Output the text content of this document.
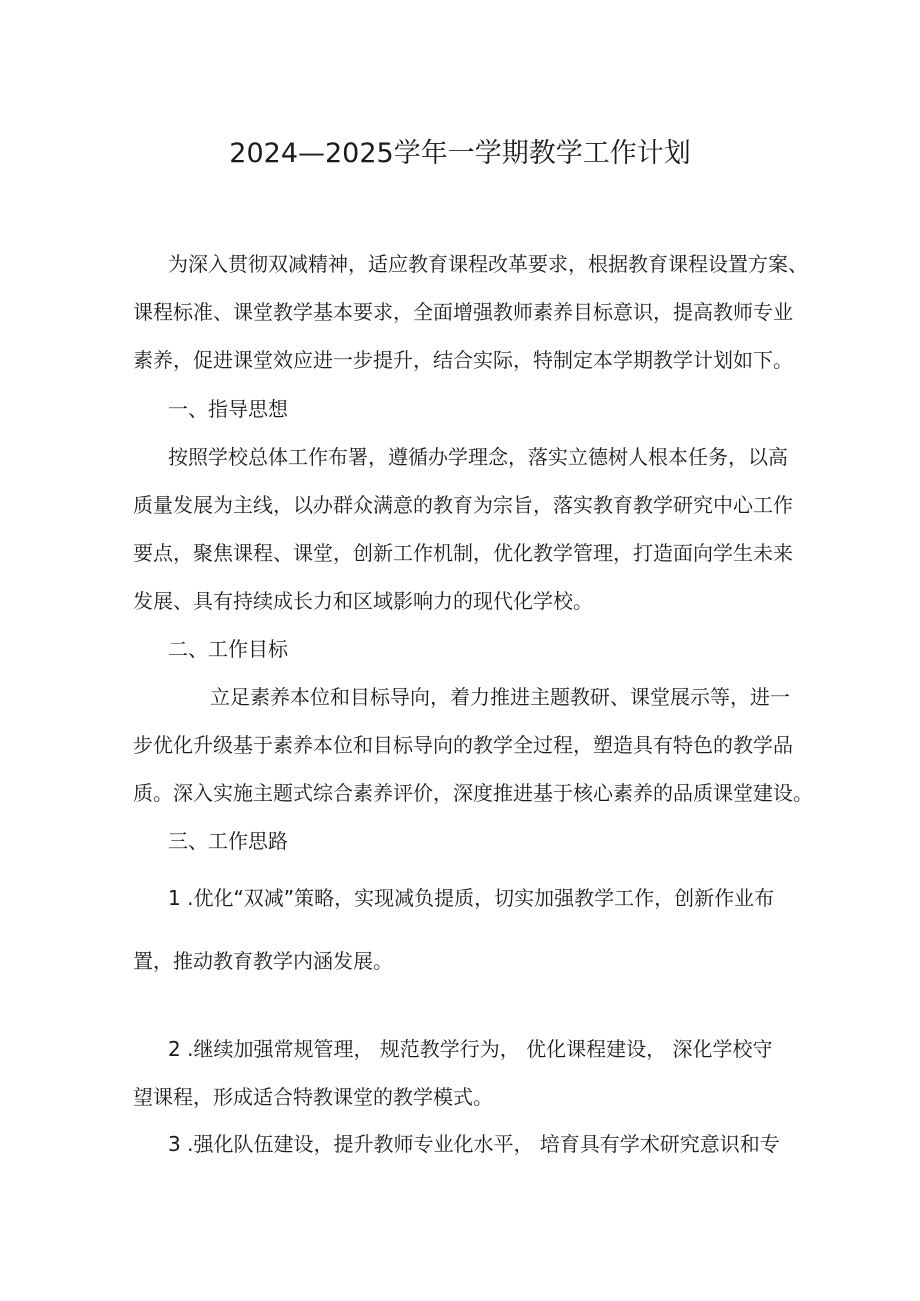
2024—2025学年一学期教学工作计划
为深入贯彻双减精神，适应教育课程改革要求，根据教育课程设置方案、
课程标准、课堂教学基本要求，全面增强教师素养目标意识，提高教师专业
素养，促进课堂效应进一步提升，结合实际，特制定本学期教学计划如下。
一、指导思想
按照学校总体工作布署，遵循办学理念，落实立德树人根本任务，以高
质量发展为主线，以办群众满意的教育为宗旨，落实教育教学研究中心工作
要点，聚焦课程、课堂，创新工作机制，优化教学管理，打造面向学生未来
发展、具有持续成长力和区域影响力的现代化学校。
二、工作目标
立足素养本位和目标导向，着力推进主题教研、课堂展示等，进一
步优化升级基于素养本位和目标导向的教学全过程，塑造具有特色的教学品
质。深入实施主题式综合素养评价，深度推进基于核心素养的品质课堂建设。
三、工作思路
1 .优化“双减”策略，实现减负提质，切实加强教学工作，创新作业布
置，推动教育教学内涵发展。
2 .继续加强常规管理， 规范教学行为， 优化课程建设， 深化学校守
望课程，形成适合特教课堂的教学模式。
3 .强化队伍建设，提升教师专业化水平， 培育具有学术研究意识和专
